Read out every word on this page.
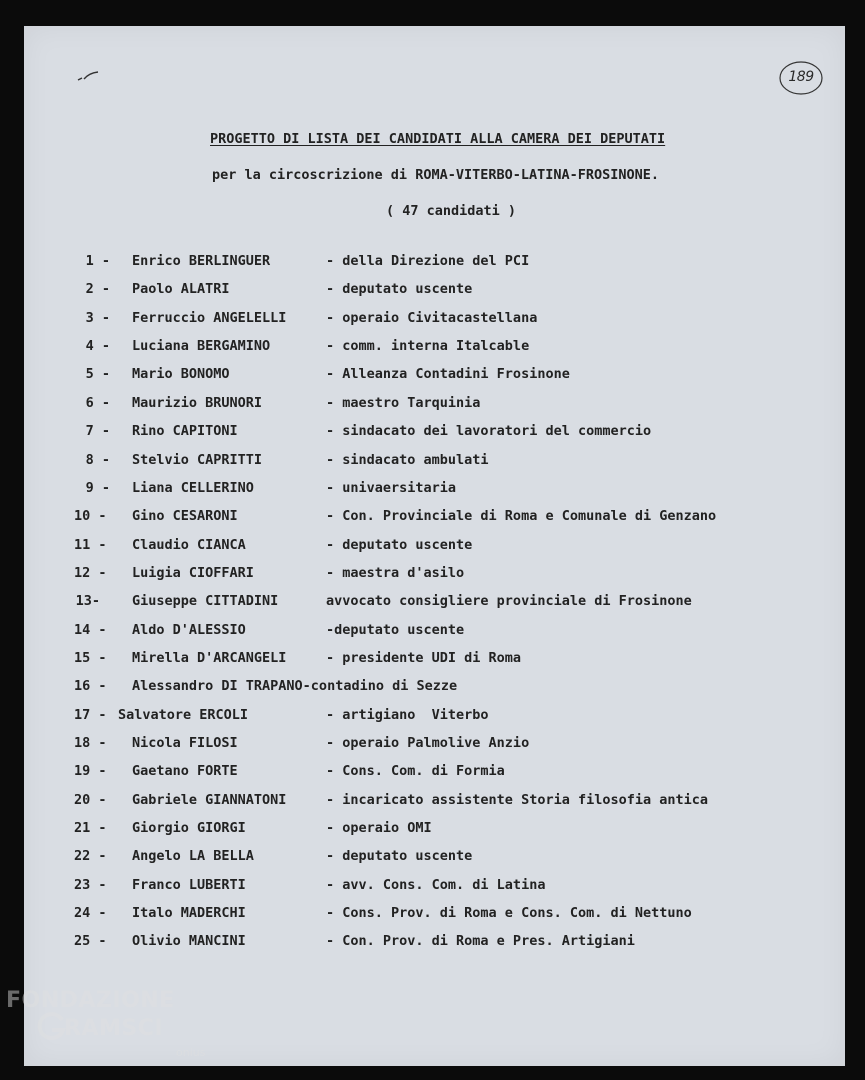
189

PROGETTO DI LISTA DEI CANDIDATI ALLA CAMERA DEI DEPUTATI

per la circoscrizione di ROMA-VITERBO-LATINA-FROSINONE.

( 47 candidati )

1 - Enrico BERLINGUER	- della Direzione del PCI
2 - Paolo ALATRI	- deputato uscente
3 - Ferruccio ANGELELLI	- operaio Civitacastellana
4 - Luciana BERGAMINO	- comm. interna Italcable
5 - Mario BONOMO	- Alleanza Contadini Frosinone
6 - Maurizio BRUNORI	- maestro Tarquinia
7 - Rino CAPITONI	- sindacato dei lavoratori del commercio
8 - Stelvio CAPRITTI	- sindacato ambulati
9 - Liana CELLERINO	- univaersitaria
10 - Gino CESARONI	- Con. Provinciale di Roma e Comunale di Genzano
11 - Claudio CIANCA	- deputato uscente
12 - Luigia CIOFFARI	- maestra d'asilo
13- Giuseppe CITTADINI	avvocato consigliere provinciale di Frosinone
14 - Aldo D'ALESSIO	-deputato uscente
15 - Mirella D'ARCANGELI	- presidente UDI di Roma
16 - Alessandro DI TRAPANO-contadino di Sezze
17 - Salvatore ERCOLI	- artigiano  Viterbo
18 - Nicola FILOSI	- operaio Palmolive Anzio
19 - Gaetano FORTE	- Cons. Com. di Formia
20 - Gabriele GIANNATONI	- incaricato assistente Storia filosofia antica
21 - Giorgio GIORGI	- operaio OMI
22 - Angelo LA BELLA	- deputato uscente
23 - Franco LUBERTI	- avv. Cons. Com. di Latina
24 - Italo MADERCHI	- Cons. Prov. di Roma e Cons. Com. di Nettuno
25 - Olivio MANCINI	- Con. Prov. di Roma e Pres. Artigiani
FONDAZIONE
RAMSCI
onlus
